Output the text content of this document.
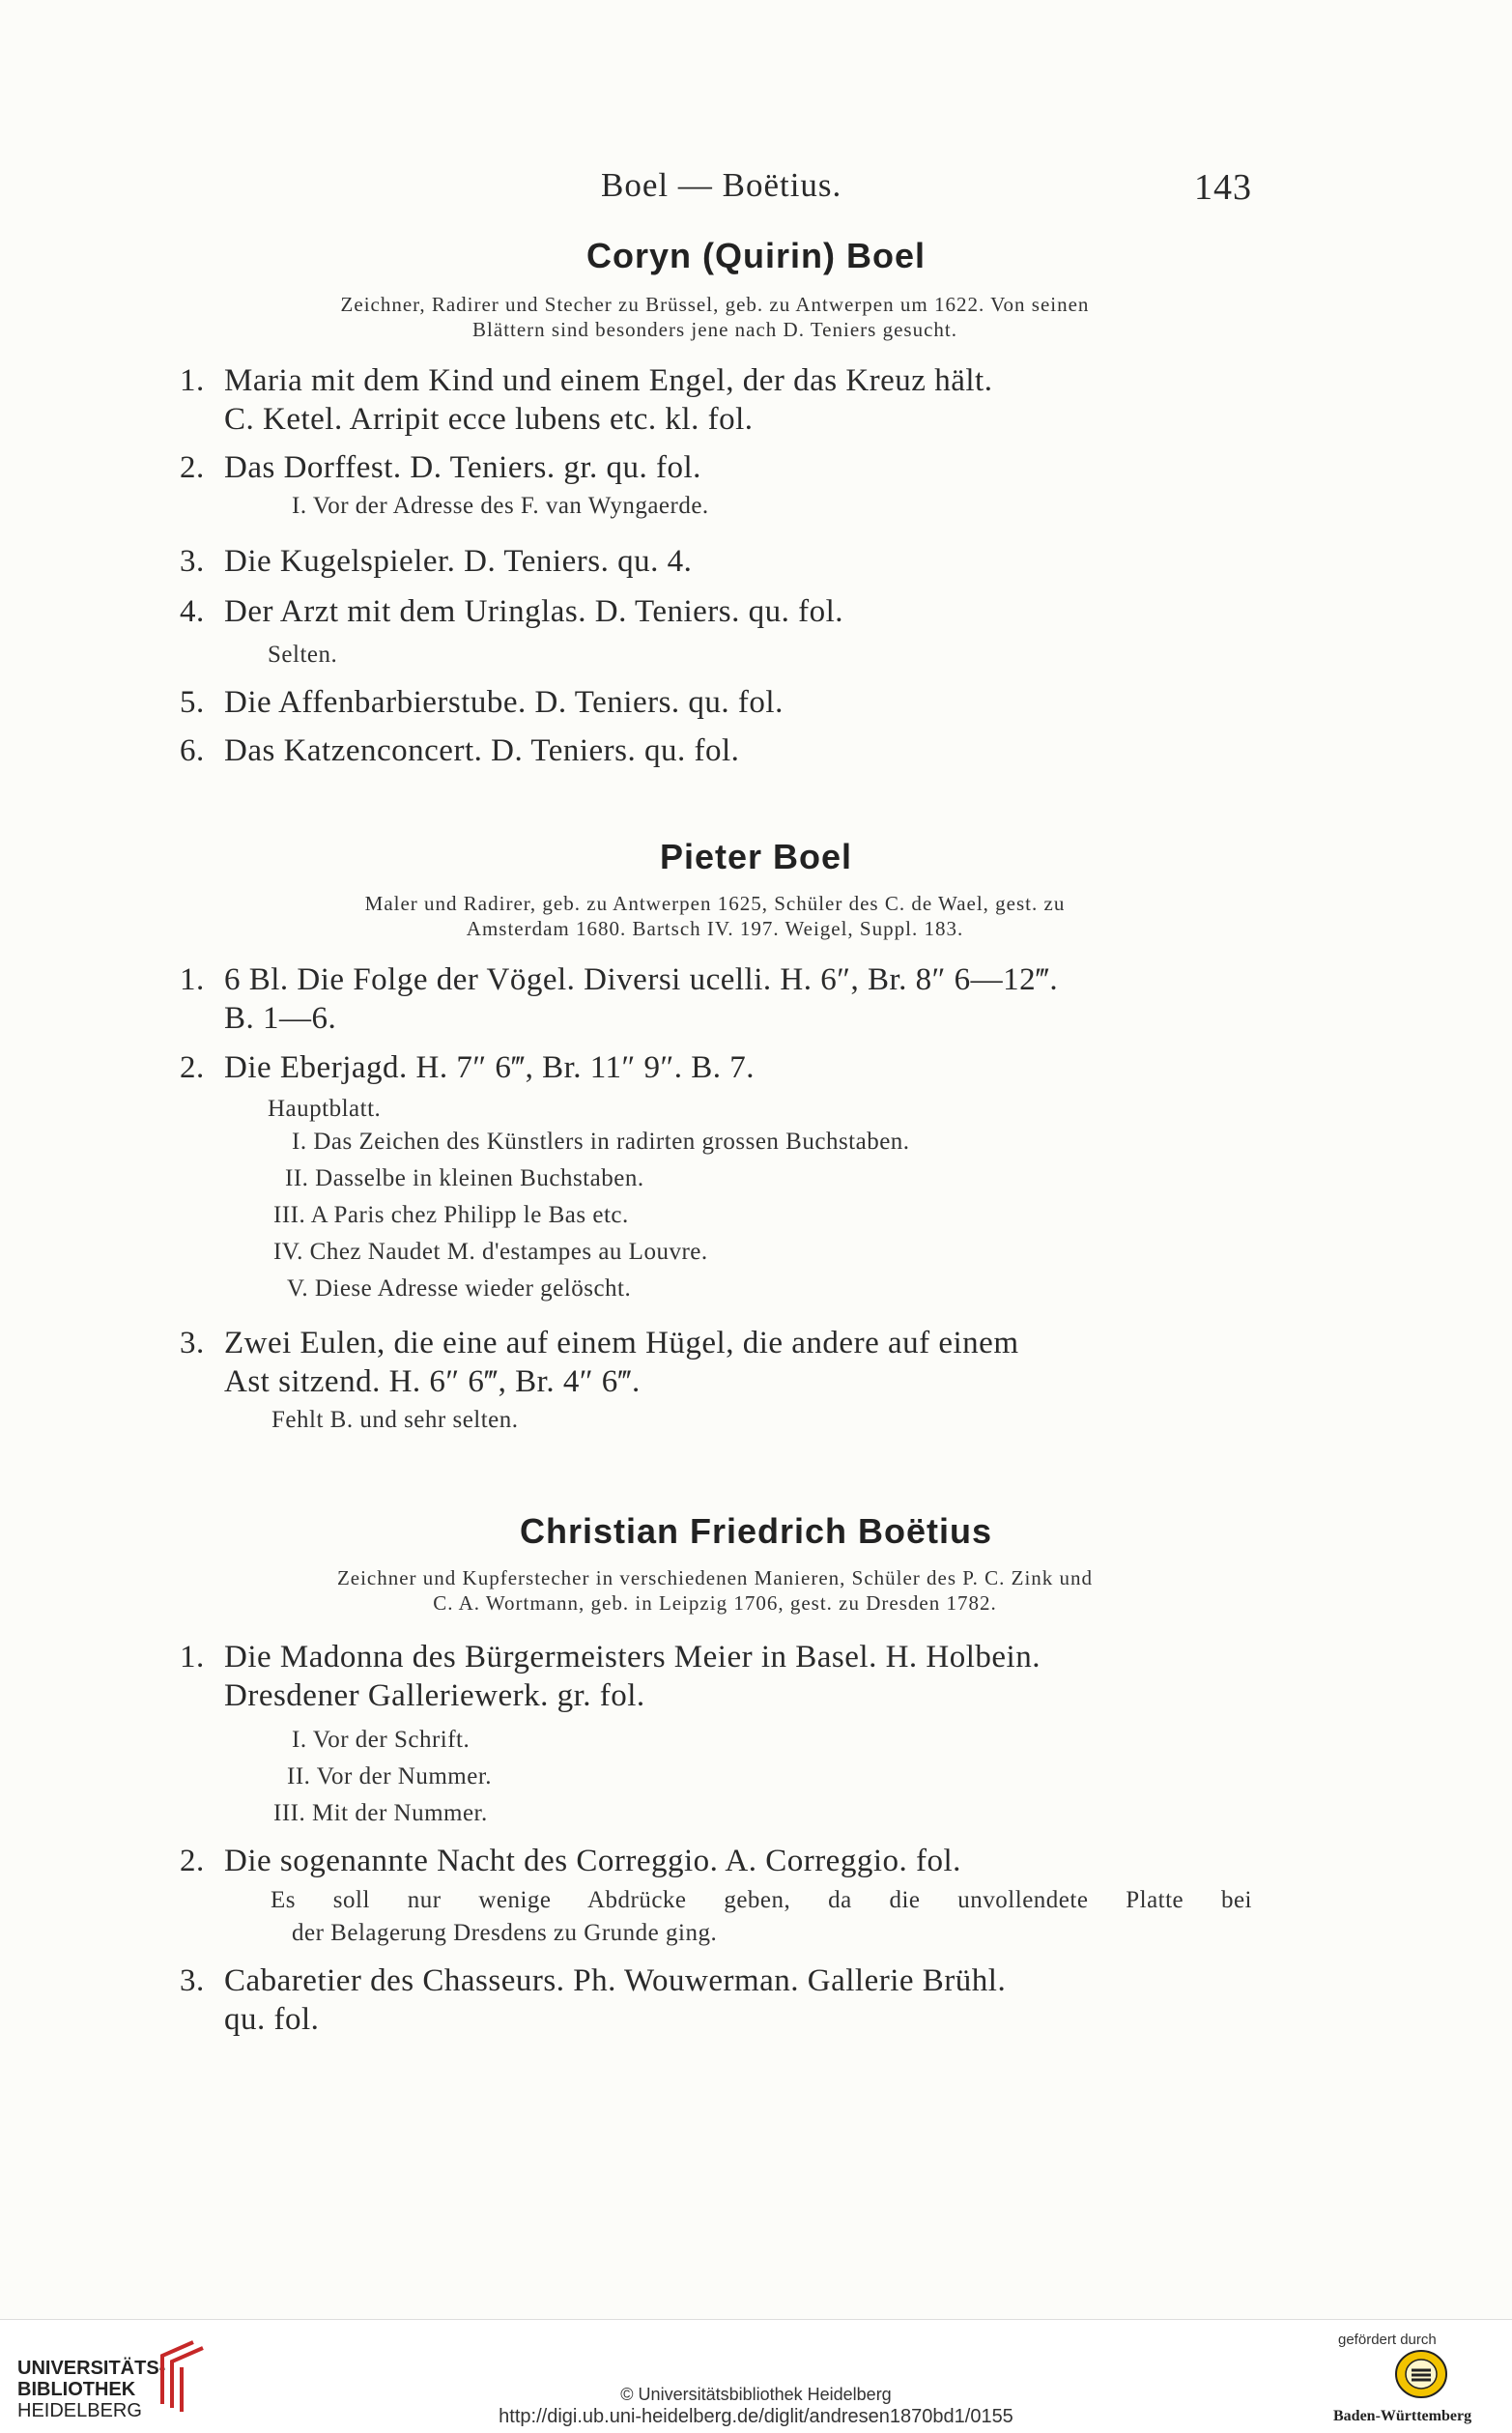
Boel — Boëtius.	143
Coryn (Quirin) Boel
Zeichner, Radirer und Stecher zu Brüssel, geb. zu Antwerpen um 1622. Von seinen
Blättern sind besonders jene nach D. Teniers gesucht.
1. Maria mit dem Kind und einem Engel, der das Kreuz hält.
C. Ketel. Arripit ecce lubens etc. kl. fol.
2. Das Dorffest. D. Teniers. gr. qu. fol.
I. Vor der Adresse des F. van Wyngaerde.
3. Die Kugelspieler. D. Teniers. qu. 4.
4. Der Arzt mit dem Uringlas. D. Teniers. qu. fol.
Selten.
5. Die Affenbarbierstube. D. Teniers. qu. fol.
6. Das Katzenconcert. D. Teniers. qu. fol.
Pieter Boel
Maler und Radirer, geb. zu Antwerpen 1625, Schüler des C. de Wael, gest. zu
Amsterdam 1680. Bartsch IV. 197. Weigel, Suppl. 183.
1. 6 Bl. Die Folge der Vögel. Diversi ucelli. H. 6″, Br. 8″ 6—12‴.
B. 1—6.
2. Die Eberjagd. H. 7″ 6‴, Br. 11″ 9″. B. 7.
Hauptblatt.
I. Das Zeichen des Künstlers in radirten grossen Buchstaben.
II. Dasselbe in kleinen Buchstaben.
III. A Paris chez Philipp le Bas etc.
IV. Chez Naudet M. d'estampes au Louvre.
V. Diese Adresse wieder gelöscht.
3. Zwei Eulen, die eine auf einem Hügel, die andere auf einem
Ast sitzend. H. 6″ 6‴, Br. 4″ 6‴.
Fehlt B. und sehr selten.
Christian Friedrich Boëtius
Zeichner und Kupferstecher in verschiedenen Manieren, Schüler des P. C. Zink und
C. A. Wortmann, geb. in Leipzig 1706, gest. zu Dresden 1782.
1. Die Madonna des Bürgermeisters Meier in Basel. H. Holbein.
Dresdener Galleriewerk. gr. fol.
I. Vor der Schrift.
II. Vor der Nummer.
III. Mit der Nummer.
2. Die sogenannte Nacht des Correggio. A. Correggio. fol.
Es soll nur wenige Abdrücke geben, da die unvollendete Platte bei
der Belagerung Dresdens zu Grunde ging.
3. Cabaretier des Chasseurs. Ph. Wouwerman. Gallerie Brühl.
qu. fol.
UNIVERSITÄTS-
BIBLIOTHEK
HEIDELBERG
© Universitätsbibliothek Heidelberg
http://digi.ub.uni-heidelberg.de/diglit/andresen1870bd1/0155
gefördert durch
Baden-Württemberg
